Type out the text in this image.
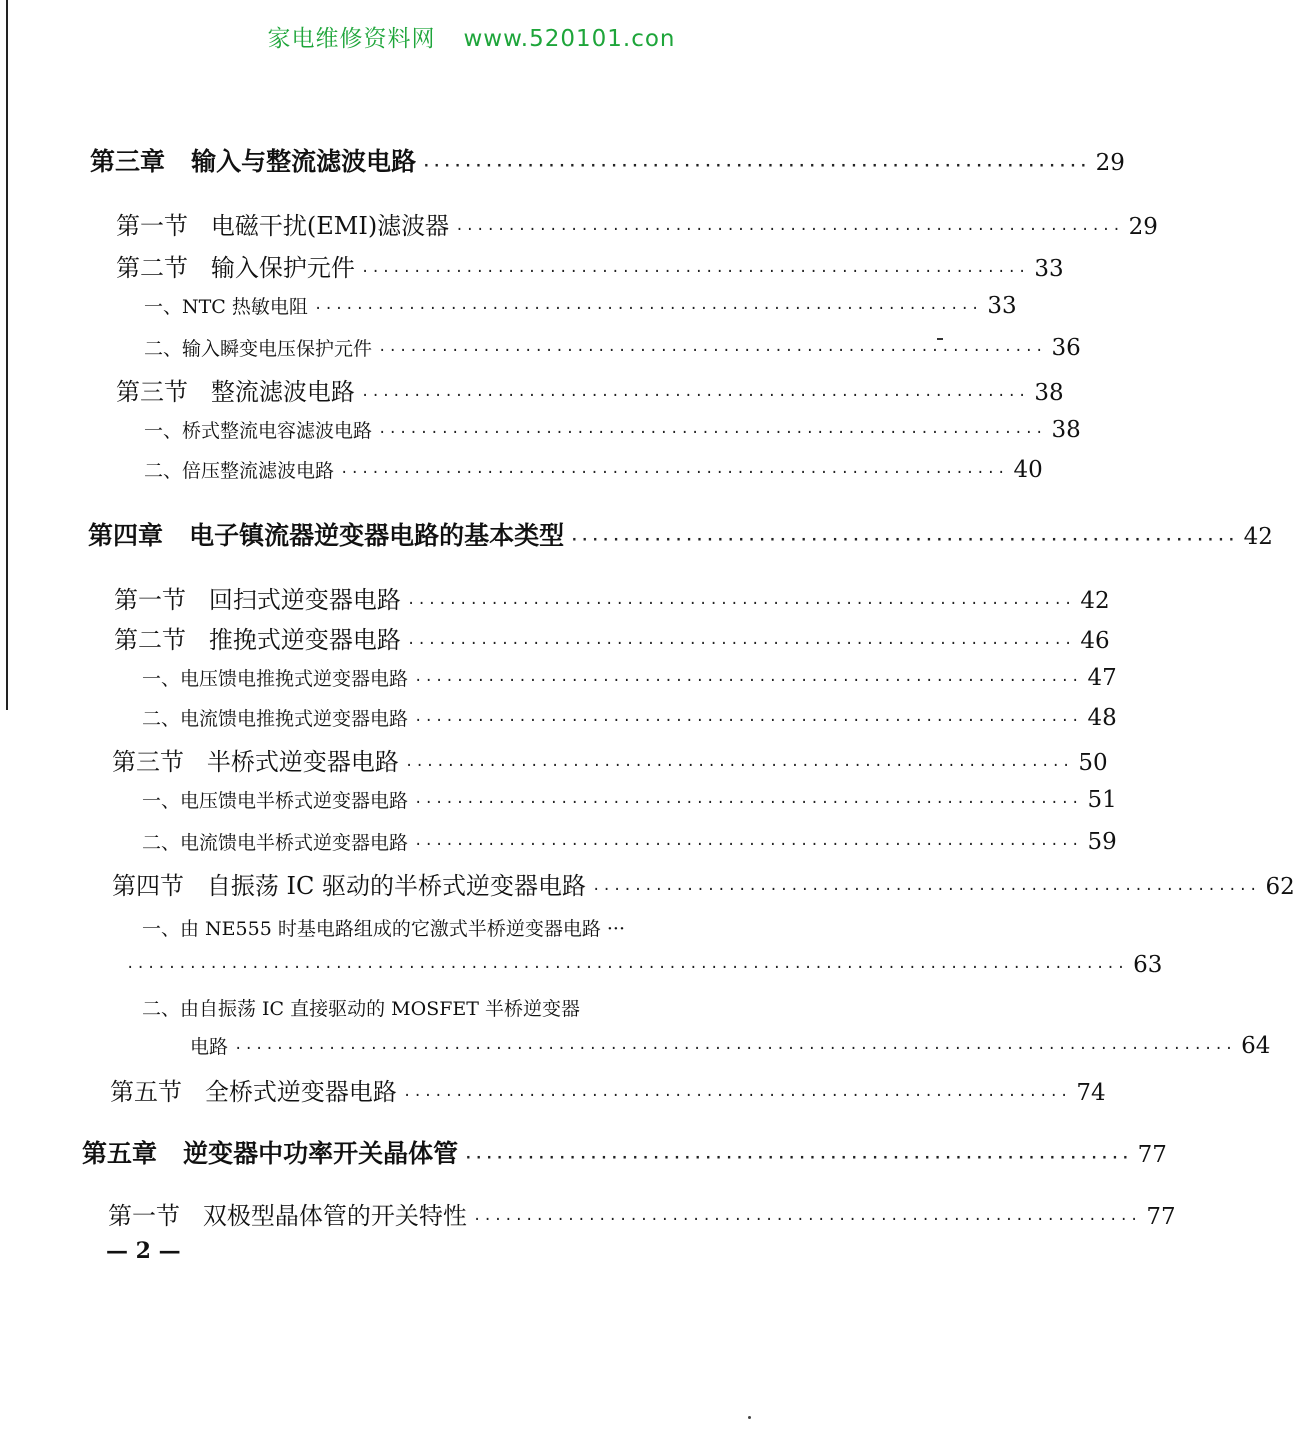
家电维修资料网 www.520101.con
第三章   输入与整流滤波电路 ································································ 29
第一节   电磁干扰(EMI)滤波器 ································································ 29
第二节   输入保护元件 ································································ 33
一、NTC 热敏电阻 ································································ 33
二、输入瞬变电压保护元件 ································································ 36
第三节   整流滤波电路 ································································ 38
一、桥式整流电容滤波电路 ································································ 38
二、倍压整流滤波电路 ································································ 40
第四章   电子镇流器逆变器电路的基本类型 ································································ 42
第一节   回扫式逆变器电路 ································································ 42
第二节   推挽式逆变器电路 ································································ 46
一、电压馈电推挽式逆变器电路 ································································ 47
二、电流馈电推挽式逆变器电路 ································································ 48
第三节   半桥式逆变器电路 ································································ 50
一、电压馈电半桥式逆变器电路 ································································ 51
二、电流馈电半桥式逆变器电路 ································································ 59
第四节   自振荡 IC 驱动的半桥式逆变器电路 ································································ 62
一、由 NE555 时基电路组成的它激式半桥逆变器电路 ···
································································································ 63
二、由自振荡 IC 直接驱动的 MOSFET 半桥逆变器
电路 ································································································ 64
第五节   全桥式逆变器电路 ································································ 74
第五章   逆变器中功率开关晶体管 ································································ 77
第一节   双极型晶体管的开关特性 ································································ 77
— 2 —
